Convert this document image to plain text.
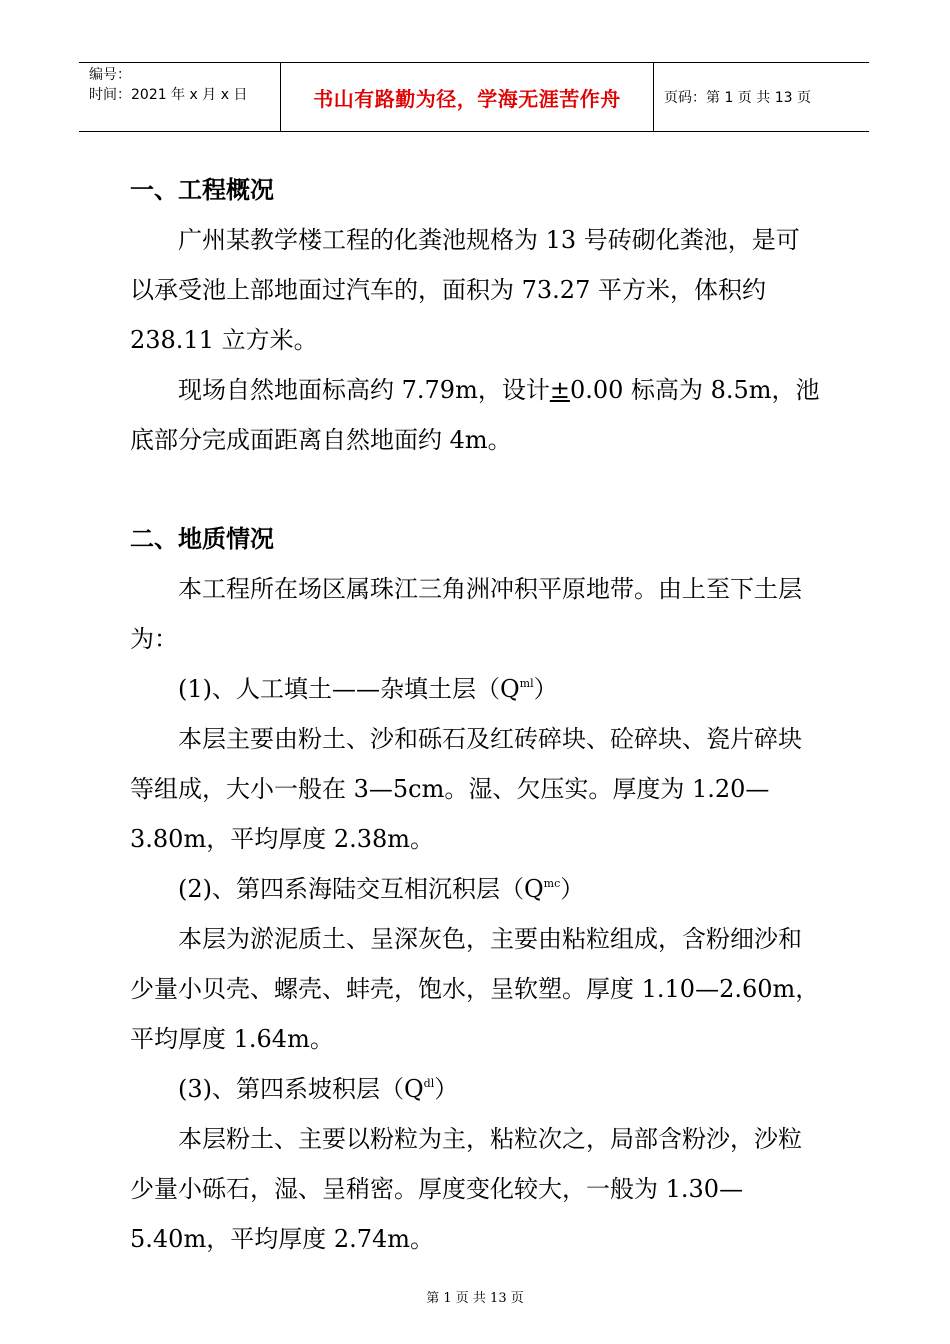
编号：
时间：2021 年 x 月 x 日	书山有路勤为径，学海无涯苦作舟	页码：第 1 页 共 13 页
一、工程概况

广州某教学楼工程的化粪池规格为 13 号砖砌化粪池，是可以承受池上部地面过汽车的，面积为 73.27 平方米，体积约 238.11 立方米。

现场自然地面标高约 7.79m，设计±0.00 标高为 8.5m，池底部分完成面距离自然地面约 4m。

二、地质情况

本工程所在场区属珠江三角洲冲积平原地带。由上至下土层为：

(1)、人工填土——杂填土层$(Q^{ml})$

本层主要由粉土、沙和砾石及红砖碎块、砼碎块、瓷片碎块等组成，大小一般在 3—5cm。湿、欠压实。厚度为 1.20—3.80m，平均厚度 2.38m。

(2)、第四系海陆交互相沉积层$(Q^{mc})$

本层为淤泥质土、呈深灰色，主要由粘粒组成，含粉细沙和少量小贝壳、螺壳、蚌壳，饱水，呈软塑。厚度 1.10—2.60m，平均厚度 1.64m。

(3)、第四系坡积层$(Q^{dl})$

本层粉土、主要以粉粒为主，粘粒次之，局部含粉沙，沙粒少量小砾石，湿、呈稍密。厚度变化较大，一般为 1.30—5.40m，平均厚度 2.74m。

第 1 页 共 13 页
